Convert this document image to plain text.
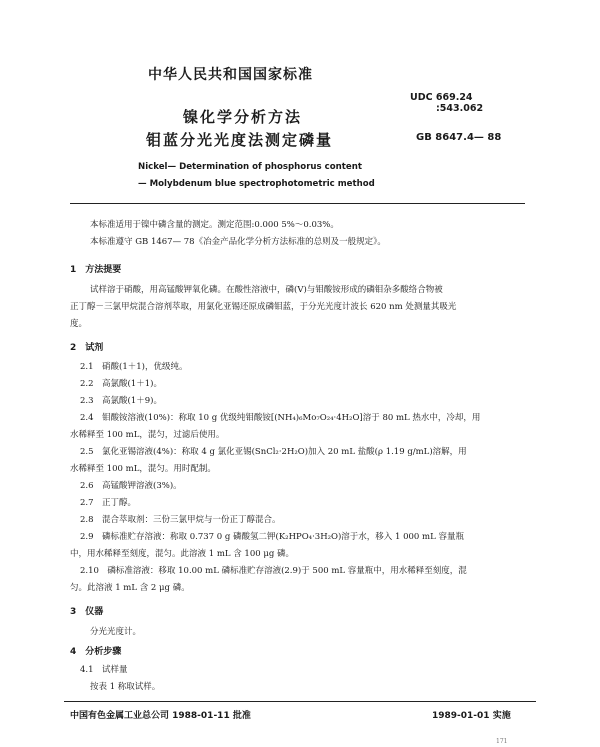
中华人民共和国国家标准
UDC 669.24
:543.062
镍化学分析方法
钼蓝分光光度法测定磷量	GB 8647.4— 88
Nickel— Determination of phosphorus content
— Molybdenum blue spectrophotometric method
本标准适用于镍中磷含量的测定。测定范围:0.000 5%～0.03%。
本标准遵守 GB 1467— 78《冶金产品化学分析方法标准的总则及一般规定》。
1　方法提要
试样溶于硝酸，用高锰酸钾氧化磷。在酸性溶液中，磷(V)与钼酸铵形成的磷钼杂多酸络合物被
正丁醇－三氯甲烷混合溶剂萃取，用氯化亚锡还原成磷钼蓝，于分光光度计波长 620 nm 处测量其吸光
度。
2　试剂
2.1　硝酸(1＋1)，优级纯。
2.2　高氯酸(1＋1)。
2.3　高氯酸(1＋9)。
2.4　钼酸铵溶液(10%)：称取 10 g 优级纯钼酸铵[(NH₄)₆Mo₇O₂₄·4H₂O]溶于 80 mL 热水中，冷却，用
水稀释至 100 mL，混匀，过滤后使用。
2.5　氯化亚锡溶液(4%)：称取 4 g 氯化亚锡(SnCl₂·2H₂O)加入 20 mL 盐酸(ρ 1.19 g/mL)溶解，用
水稀释至 100 mL，混匀。用时配制。
2.6　高锰酸钾溶液(3%)。
2.7　正丁醇。
2.8　混合萃取剂：三份三氯甲烷与一份正丁醇混合。
2.9　磷标准贮存溶液：称取 0.737 0 g 磷酸氢二钾(K₂HPO₄·3H₂O)溶于水，移入 1 000 mL 容量瓶
中，用水稀释至刻度，混匀。此溶液 1 mL 含 100 μg 磷。
2.10　磷标准溶液：移取 10.00 mL 磷标准贮存溶液(2.9)于 500 mL 容量瓶中，用水稀释至刻度，混
匀。此溶液 1 mL 含 2 μg 磷。
3　仪器
分光光度计。
4　分析步骤
4.1　试样量
按表 1 称取试样。
中国有色金属工业总公司 1988-01-11 批准	1989-01-01 实施
171
